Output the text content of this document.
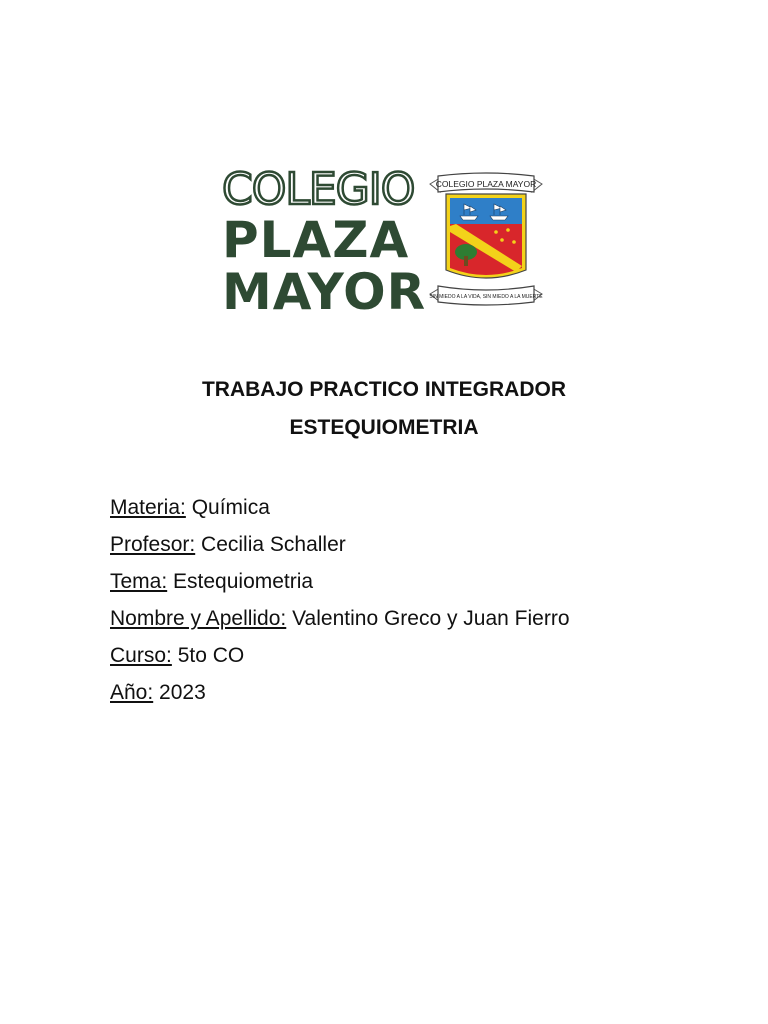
COLEGIO
PLAZA
MAYOR
COLEGIO PLAZA MAYOR
SIN MIEDO A LA VIDA, SIN MIEDO A LA MUERTE
TRABAJO PRACTICO INTEGRADOR
ESTEQUIOMETRIA
Materia: Química
Profesor: Cecilia Schaller
Tema: Estequiometria
Nombre y Apellido: Valentino Greco y Juan Fierro
Curso: 5to CO
Año: 2023
